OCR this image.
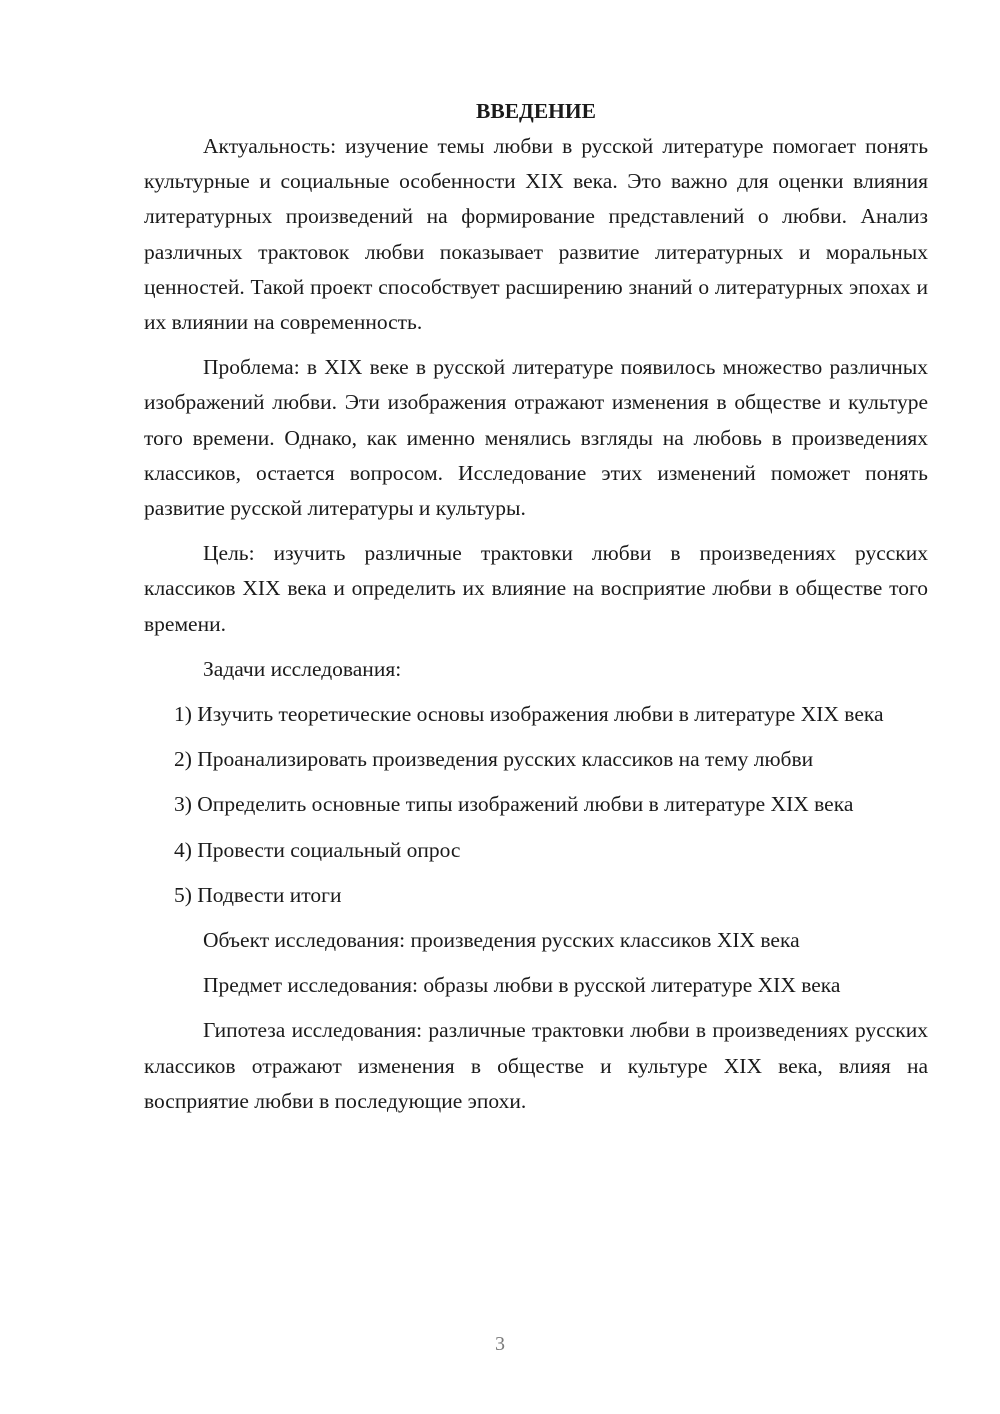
ВВЕДЕНИЕ

Актуальность: изучение темы любви в русской литературе помогает понять культурные и социальные особенности XIX века. Это важно для оценки влияния литературных произведений на формирование представлений о любви. Анализ различных трактовок любви показывает развитие литературных и моральных ценностей. Такой проект способствует расширению знаний о литературных эпохах и их влиянии на современность.

Проблема: в XIX веке в русской литературе появилось множество различных изображений любви. Эти изображения отражают изменения в обществе и культуре того времени. Однако, как именно менялись взгляды на любовь в произведениях классиков, остается вопросом. Исследование этих изменений поможет понять развитие русской литературы и культуры.

Цель: изучить различные трактовки любви в произведениях русских классиков XIX века и определить их влияние на восприятие любви в обществе того времени.

Задачи исследования:

1) Изучить теоретические основы изображения любви в литературе XIX века

2) Проанализировать произведения русских классиков на тему любви

3) Определить основные типы изображений любви в литературе XIX века

4) Провести социальный опрос

5) Подвести итоги

Объект исследования: произведения русских классиков XIX века

Предмет исследования: образы любви в русской литературе XIX века

Гипотеза исследования: различные трактовки любви в произведениях русских классиков отражают изменения в обществе и культуре XIX века, влияя на восприятие любви в последующие эпохи.

3
